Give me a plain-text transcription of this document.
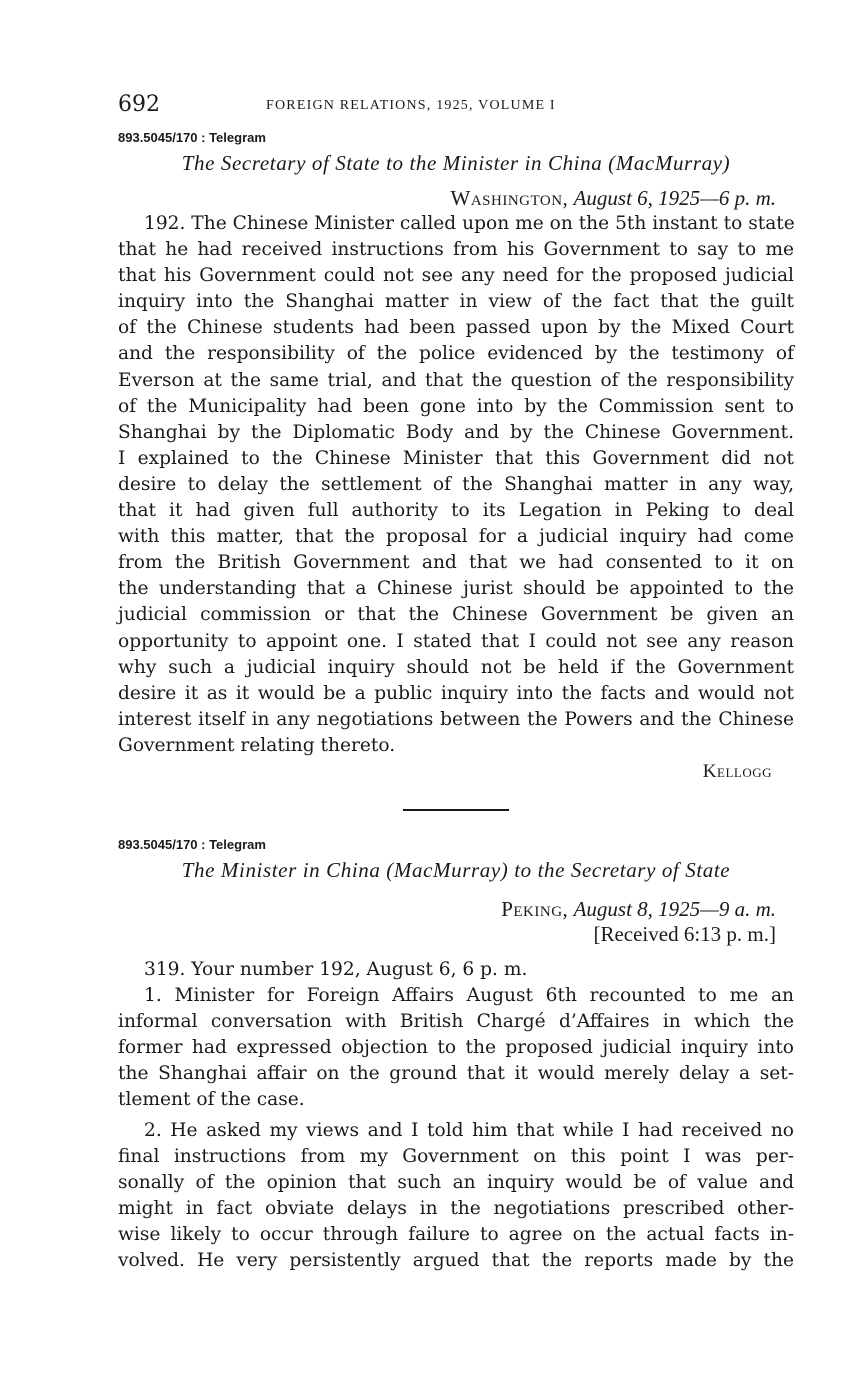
692	FOREIGN RELATIONS, 1925, VOLUME I
893.5045/170 : Telegram
The Secretary of State to the Minister in China (MacMurray)
Washington, August 6, 1925—6 p. m.
192. The Chinese Minister called upon me on the 5th instant to state
that he had received instructions from his Government to say to me
that his Government could not see any need for the proposed judicial
inquiry into the Shanghai matter in view of the fact that the guilt
of the Chinese students had been passed upon by the Mixed Court
and the responsibility of the police evidenced by the testimony of
Everson at the same trial, and that the question of the responsibility
of the Municipality had been gone into by the Commission sent to
Shanghai by the Diplomatic Body and by the Chinese Government.
I explained to the Chinese Minister that this Government did not
desire to delay the settlement of the Shanghai matter in any way,
that it had given full authority to its Legation in Peking to deal
with this matter, that the proposal for a judicial inquiry had come
from the British Government and that we had consented to it on
the understanding that a Chinese jurist should be appointed to the
judicial commission or that the Chinese Government be given an
opportunity to appoint one. I stated that I could not see any reason
why such a judicial inquiry should not be held if the Government
desire it as it would be a public inquiry into the facts and would not
interest itself in any negotiations between the Powers and the Chinese
Government relating thereto.
Kellogg
893.5045/170 : Telegram
The Minister in China (MacMurray) to the Secretary of State
Peking, August 8, 1925—9 a. m.
[Received 6:13 p. m.]
319. Your number 192, August 6, 6 p. m.
1. Minister for Foreign Affairs August 6th recounted to me an
informal conversation with British Chargé d’Affaires in which the
former had expressed objection to the proposed judicial inquiry into
the Shanghai affair on the ground that it would merely delay a set-
tlement of the case.
2. He asked my views and I told him that while I had received no
final instructions from my Government on this point I was per-
sonally of the opinion that such an inquiry would be of value and
might in fact obviate delays in the negotiations prescribed other-
wise likely to occur through failure to agree on the actual facts in-
volved. He very persistently argued that the reports made by the
